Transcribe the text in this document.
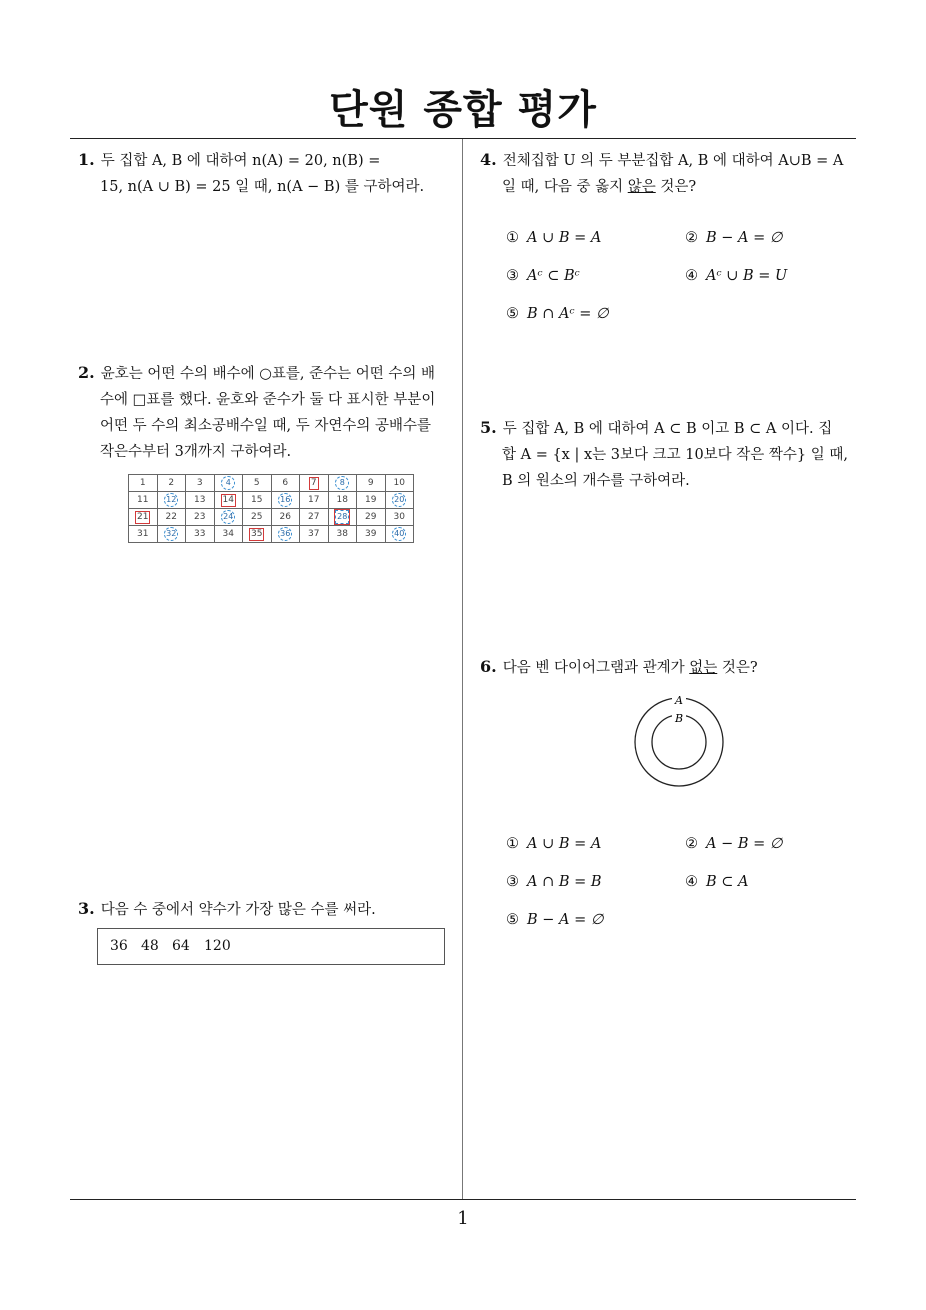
단원 종합 평가
1. 두 집합 A, B 에 대하여 n(A) = 20, n(B) =
15, n(A ∪ B) = 25 일 때, n(A − B) 를 구하여라.
2. 윤호는 어떤 수의 배수에 ○표를, 준수는 어떤 수의 배
수에 □표를 했다. 윤호와 준수가 둘 다 표시한 부분이
어떤 두 수의 최소공배수일 때, 두 자연수의 공배수를
작은수부터 3개까지 구하여라.
1	2	3	4	5	6	7	8	9	10
11	12	13	14	15	16	17	18	19	20
21	22	23	24	25	26	27	28	29	30
31	32	33	34	35	36	37	38	39	40
3. 다음 수 중에서 약수가 가장 많은 수를 써라.
36 48 64 120
4. 전체집합 U 의 두 부분집합 A, B 에 대하여 A∪B = A
일 때, 다음 중 옳지 않은 것은?
① A ∪ B = A	② B − A = ∅
③ Aᶜ ⊂ Bᶜ	④ Aᶜ ∪ B = U
⑤ B ∩ Aᶜ = ∅
5. 두 집합 A, B 에 대하여 A ⊂ B 이고 B ⊂ A 이다. 집
합 A = {x | x는 3보다 크고 10보다 작은 짝수} 일 때,
B 의 원소의 개수를 구하여라.
6. 다음 벤 다이어그램과 관계가 없는 것은?
A
B
① A ∪ B = A	② A − B = ∅
③ A ∩ B = B	④ B ⊂ A
⑤ B − A = ∅
1
